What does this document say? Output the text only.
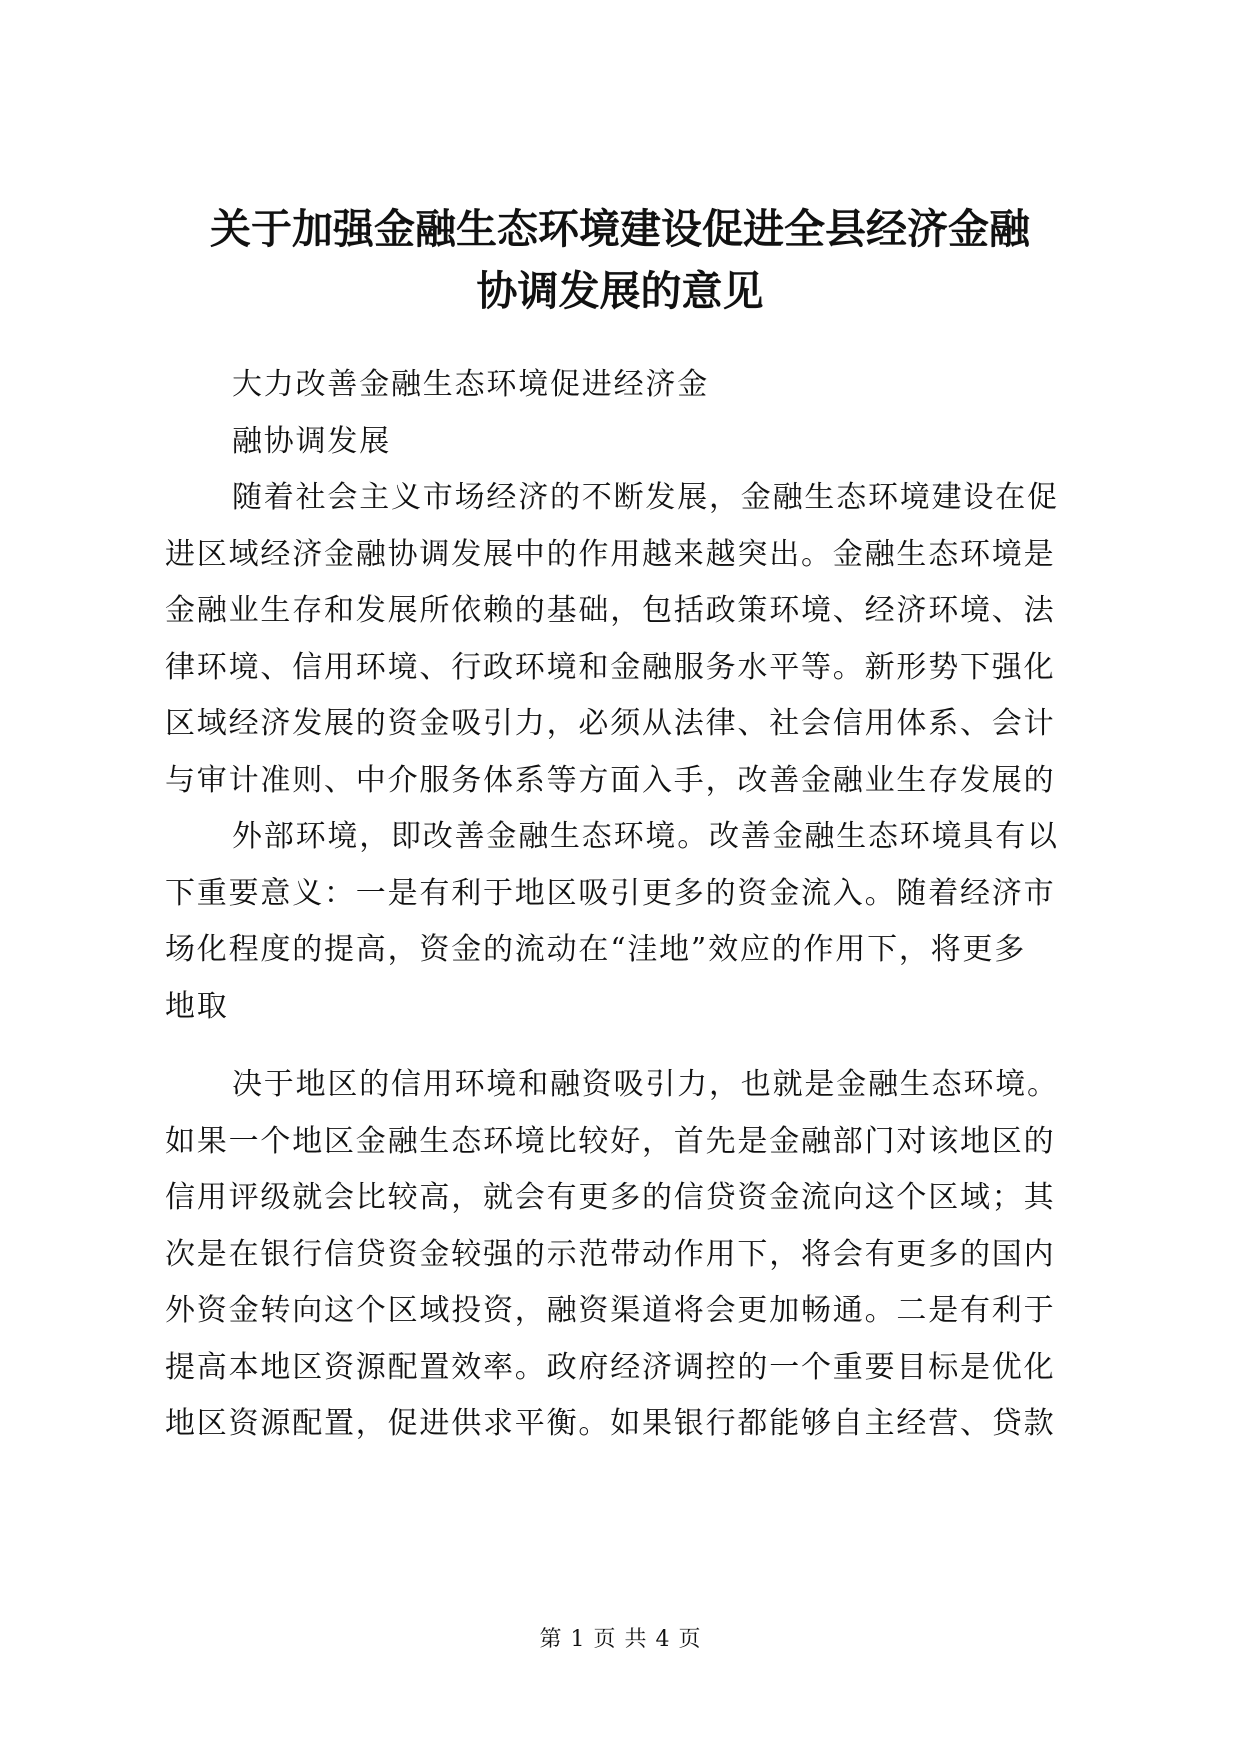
关于加强金融生态环境建设促进全县经济金融
协调发展的意见
大力改善金融生态环境促进经济金
融协调发展
随着社会主义市场经济的不断发展，金融生态环境建设在促
进区域经济金融协调发展中的作用越来越突出。金融生态环境是
金融业生存和发展所依赖的基础，包括政策环境、经济环境、法
律环境、信用环境、行政环境和金融服务水平等。新形势下强化
区域经济发展的资金吸引力，必须从法律、社会信用体系、会计
与审计准则、中介服务体系等方面入手，改善金融业生存发展的
外部环境，即改善金融生态环境。改善金融生态环境具有以
下重要意义：一是有利于地区吸引更多的资金流入。随着经济市
场化程度的提高，资金的流动在“洼地”效应的作用下，将更多
地取
决于地区的信用环境和融资吸引力，也就是金融生态环境。
如果一个地区金融生态环境比较好，首先是金融部门对该地区的
信用评级就会比较高，就会有更多的信贷资金流向这个区域；其
次是在银行信贷资金较强的示范带动作用下，将会有更多的国内
外资金转向这个区域投资，融资渠道将会更加畅通。二是有利于
提高本地区资源配置效率。政府经济调控的一个重要目标是优化
地区资源配置，促进供求平衡。如果银行都能够自主经营、贷款
第 1 页 共 4 页
